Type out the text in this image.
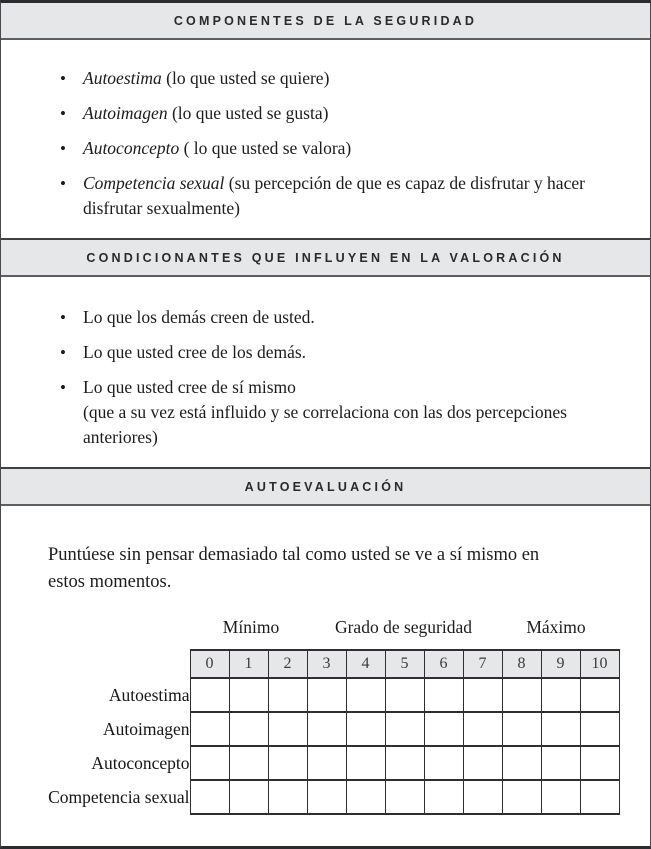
COMPONENTES DE LA SEGURIDAD
• Autoestima (lo que usted se quiere)
• Autoimagen (lo que usted se gusta)
• Autoconcepto ( lo que usted se valora)
• Competencia sexual (su percepción de que es capaz de disfrutar y hacer
disfrutar sexualmente)
CONDICIONANTES QUE INFLUYEN EN LA VALORACIÓN
• Lo que los demás creen de usted.
• Lo que usted cree de los demás.
• Lo que usted cree de sí mismo
(que a su vez está influido y se correlaciona con las dos percepciones
anteriores)
AUTOEVALUACIÓN

Puntúese sin pensar demasiado tal como usted se ve a sí mismo en
estos momentos.

Mínimo	Grado de seguridad	Máximo
	0	1	2	3	4	5	6	7	8	9	10
Autoestima											
Autoimagen											
Autoconcepto											
Competencia sexual											
